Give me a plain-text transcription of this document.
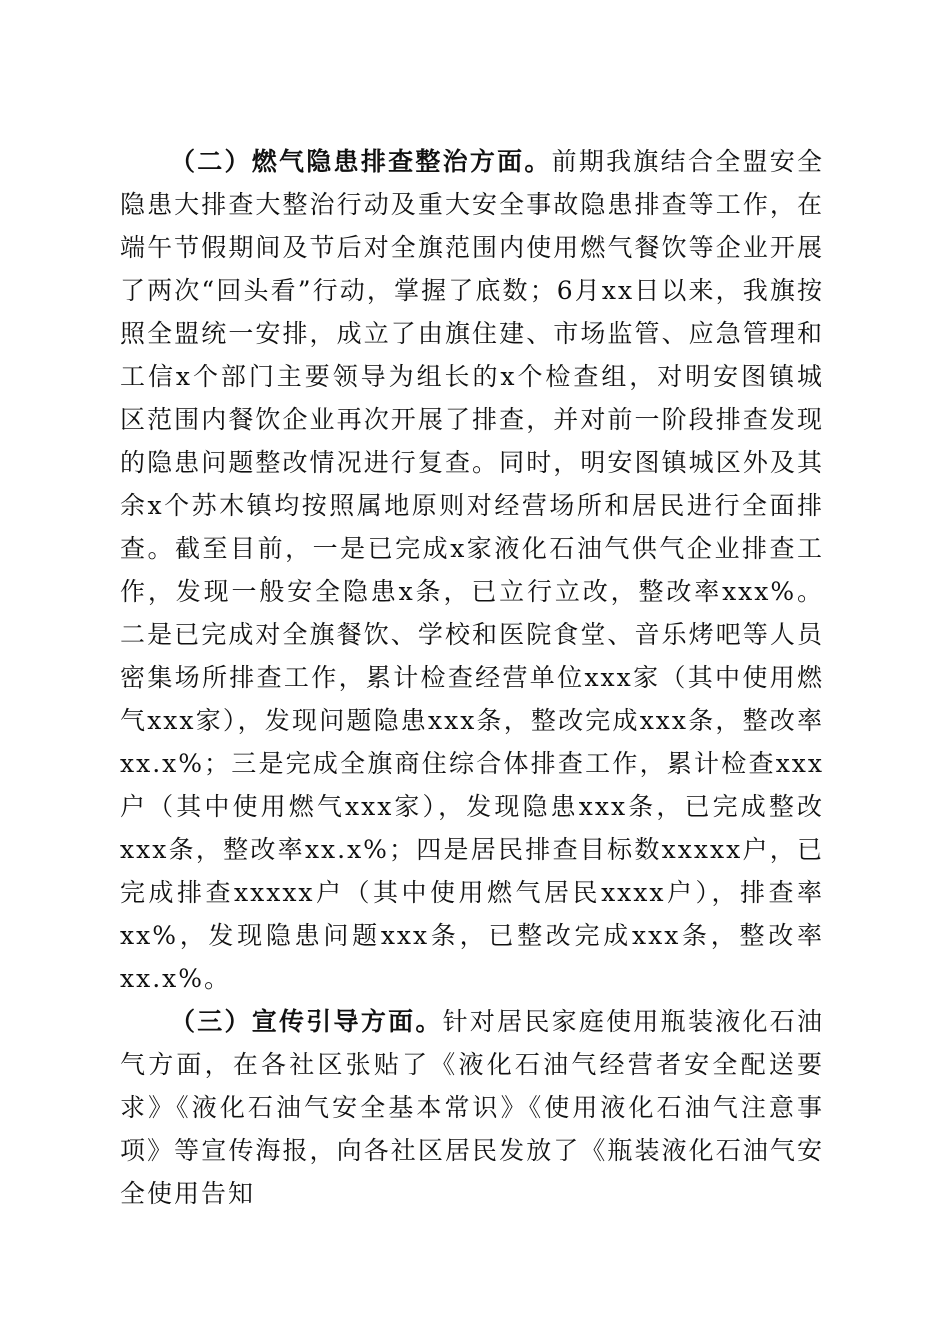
（二）燃气隐患排查整治方面。前期我旗结合全盟安全隐患大排查大整治行动及重大安全事故隐患排查等工作，在端午节假期间及节后对全旗范围内使用燃气餐饮等企业开展了两次“回头看”行动，掌握了底数；6月xx日以来，我旗按照全盟统一安排，成立了由旗住建、市场监管、应急管理和工信x个部门主要领导为组长的x个检查组，对明安图镇城区范围内餐饮企业再次开展了排查，并对前一阶段排查发现的隐患问题整改情况进行复查。同时，明安图镇城区外及其余x个苏木镇均按照属地原则对经营场所和居民进行全面排查。截至目前，一是已完成x家液化石油气供气企业排查工作，发现一般安全隐患x条，已立行立改，整改率xxx%。二是已完成对全旗餐饮、学校和医院食堂、音乐烤吧等人员密集场所排查工作，累计检查经营单位xxx家（其中使用燃气xxx家），发现问题隐患xxx条，整改完成xxx条，整改率xx.x%；三是完成全旗商住综合体排查工作，累计检查xxx户（其中使用燃气xxx家），发现隐患xxx条，已完成整改xxx条，整改率xx.x%；四是居民排查目标数xxxxx户，已完成排查xxxxx户（其中使用燃气居民xxxx户），排查率xx%，发现隐患问题xxx条，已整改完成xxx条，整改率xx.x%。

（三）宣传引导方面。针对居民家庭使用瓶装液化石油气方面，在各社区张贴了《液化石油气经营者安全配送要求》《液化石油气安全基本常识》《使用液化石油气注意事项》等宣传海报，向各社区居民发放了《瓶装液化石油气安全使用告知
